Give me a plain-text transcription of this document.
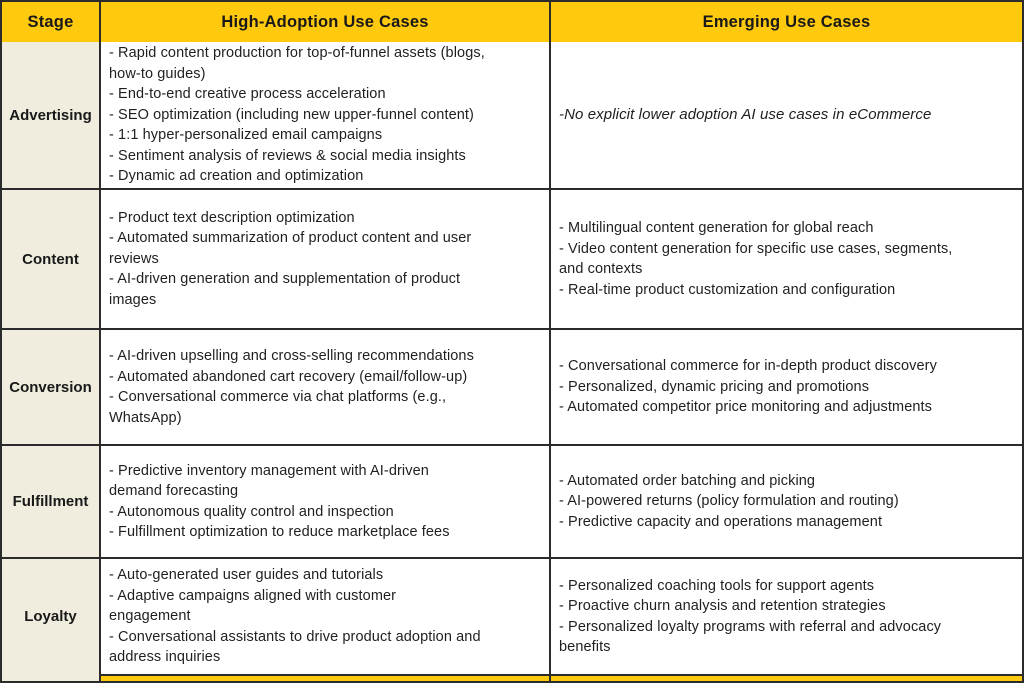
Stage	High-Adoption Use Cases	Emerging Use Cases
Advertising
- Rapid content production for top-of-funnel assets (blogs,
how-to guides)
- End-to-end creative process acceleration
- SEO optimization (including new upper-funnel content)
- 1:1 hyper-personalized email campaigns
- Sentiment analysis of reviews & social media insights
- Dynamic ad creation and optimization
-No explicit lower adoption AI use cases in eCommerce
Content
- Product text description optimization
- Automated summarization of product content and user
reviews
- AI-driven generation and supplementation of product
images
- Multilingual content generation for global reach
- Video content generation for specific use cases, segments,
and contexts
- Real-time product customization and configuration
Conversion
- AI-driven upselling and cross-selling recommendations
- Automated abandoned cart recovery (email/follow-up)
- Conversational commerce via chat platforms (e.g.,
WhatsApp)
- Conversational commerce for in-depth product discovery
- Personalized, dynamic pricing and promotions
- Automated competitor price monitoring and adjustments
Fulfillment
- Predictive inventory management with AI-driven
demand forecasting
- Autonomous quality control and inspection
- Fulfillment optimization to reduce marketplace fees
- Automated order batching and picking
- AI-powered returns (policy formulation and routing)
- Predictive capacity and operations management
Loyalty
- Auto-generated user guides and tutorials
- Adaptive campaigns aligned with customer
engagement
- Conversational assistants to drive product adoption and
address inquiries
- Personalized coaching tools for support agents
- Proactive churn analysis and retention strategies
- Personalized loyalty programs with referral and advocacy
benefits
